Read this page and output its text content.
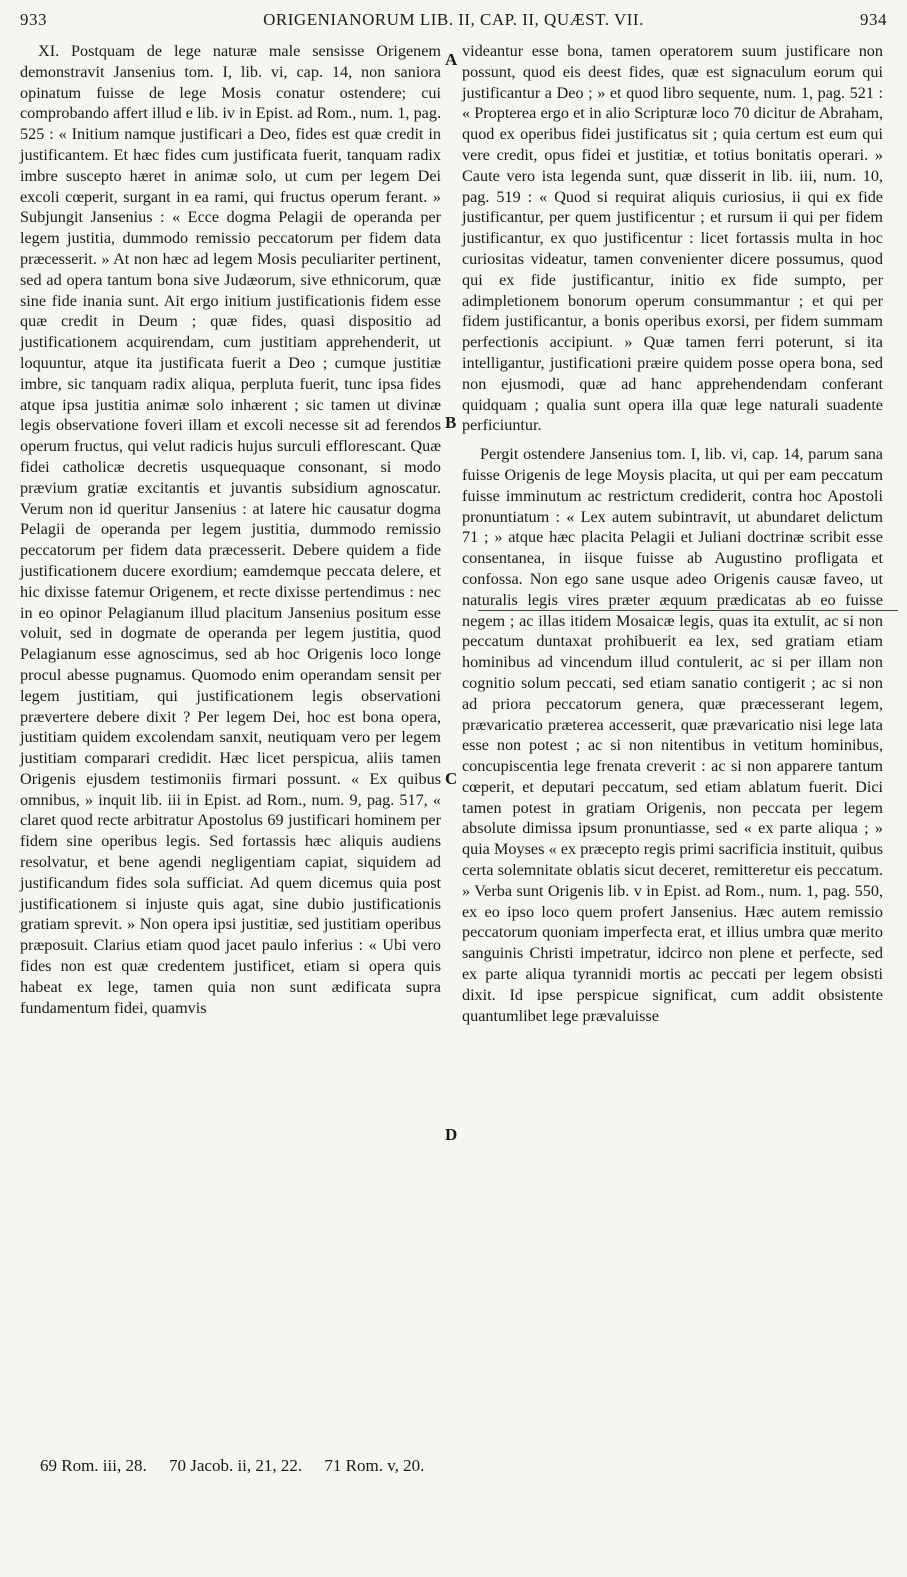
933	ORIGENIANORUM LIB. II, CAP. II, QUÆST. VII.	934

XI. Postquam de lege naturæ male sensisse Origenem demonstravit Jansenius tom. I, lib. vi, cap. 14, non saniora opinatum fuisse de lege Mosis conatur ostendere; cui comprobando affert illud e lib. iv in Epist. ad Rom., num. 1, pag. 525 : « Initium namque justificari a Deo, fides est quæ credit in justificantem. Et hæc fides cum justificata fuerit, tanquam radix imbre suscepto hæret in animæ solo, ut cum per legem Dei excoli cœperit, surgant in ea rami, qui fructus operum ferant. » Subjungit Jansenius : « Ecce dogma Pelagii de operanda per legem justitia, dummodo remissio peccatorum per fidem data præcesserit. » At non hæc ad legem Mosis peculiariter pertinent, sed ad opera tantum bona sive Judæorum, sive ethnicorum, quæ sine fide inania sunt. Ait ergo initium justificationis fidem esse quæ credit in Deum ; quæ fides, quasi dispositio ad justificationem acquirendam, cum justitiam apprehenderit, ut loquuntur, atque ita justificata fuerit a Deo ; cumque justitiæ imbre, sic tanquam radix aliqua, perpluta fuerit, tunc ipsa fides atque ipsa justitia animæ solo inhærent ; sic tamen ut divinæ legis observatione foveri illam et excoli necesse sit ad ferendos operum fructus, qui velut radicis hujus surculi efflorescant. Quæ fidei catholicæ decretis usquequaque consonant, si modo prævium gratiæ excitantis et juvantis subsidium agnoscatur. Verum non id queritur Jansenius : at latere hic causatur dogma Pelagii de operanda per legem justitia, dummodo remissio peccatorum per fidem data præcesserit. Debere quidem a fide justificationem ducere exordium; eamdemque peccata delere, et hic dixisse fatemur Origenem, et recte dixisse pertendimus : nec in eo opinor Pelagianum illud placitum Jansenius positum esse voluit, sed in dogmate de operanda per legem justitia, quod Pelagianum esse agnoscimus, sed ab hoc Origenis loco longe procul abesse pugnamus. Quomodo enim operandam sensit per legem justitiam, qui justificationem legis observationi prævertere debere dixit ? Per legem Dei, hoc est bona opera, justitiam quidem excolendam sanxit, neutiquam vero per legem justitiam comparari credidit. Hæc licet perspicua, aliis tamen Origenis ejusdem testimoniis firmari possunt. « Ex quibus omnibus, » inquit lib. iii in Epist. ad Rom., num. 9, pag. 517, « claret quod recte arbitratur Apostolus 69 justificari hominem per fidem sine operibus legis. Sed fortassis hæc aliquis audiens resolvatur, et bene agendi negligentiam capiat, siquidem ad justificandum fides sola sufficiat. Ad quem dicemus quia post justificationem si injuste quis agat, sine dubio justificationis gratiam sprevit. » Non opera ipsi justitiæ, sed justitiam operibus præposuit. Clarius etiam quod jacet paulo inferius : « Ubi vero fides non est quæ credentem justificet, etiam si opera quis habeat ex lege, tamen quia non sunt ædificata supra fundamentum fidei, quamvis

A
B
C
D

videantur esse bona, tamen operatorem suum justificare non possunt, quod eis deest fides, quæ est signaculum eorum qui justificantur a Deo ; » et quod libro sequente, num. 1, pag. 521 : « Propterea ergo et in alio Scripturæ loco 70 dicitur de Abraham, quod ex operibus fidei justificatus sit ; quia certum est eum qui vere credit, opus fidei et justitiæ, et totius bonitatis operari. » Caute vero ista legenda sunt, quæ disserit in lib. iii, num. 10, pag. 519 : « Quod si requirat aliquis curiosius, ii qui ex fide justificantur, per quem justificentur ; et rursum ii qui per fidem justificantur, ex quo justificentur : licet fortassis multa in hoc curiositas videatur, tamen convenienter dicere possumus, quod qui ex fide justificantur, initio ex fide sumpto, per adimpletionem bonorum operum consummantur ; et qui per fidem justificantur, a bonis operibus exorsi, per fidem summam perfectionis accipiunt. » Quæ tamen ferri poterunt, si ita intelligantur, justificationi præire quidem posse opera bona, sed non ejusmodi, quæ ad hanc apprehendendam conferant quidquam ; qualia sunt opera illa quæ lege naturali suadente perficiuntur.

Pergit ostendere Jansenius tom. I, lib. vi, cap. 14, parum sana fuisse Origenis de lege Moysis placita, ut qui per eam peccatum fuisse imminutum ac restrictum crediderit, contra hoc Apostoli pronuntiatum : « Lex autem subintravit, ut abundaret delictum 71 ; » atque hæc placita Pelagii et Juliani doctrinæ scribit esse consentanea, in iisque fuisse ab Augustino profligata et confossa. Non ego sane usque adeo Origenis causæ faveo, ut naturalis legis vires præter æquum prædicatas ab eo fuisse negem ; ac illas itidem Mosaicæ legis, quas ita extulit, ac si non peccatum duntaxat prohibuerit ea lex, sed gratiam etiam hominibus ad vincendum illud contulerit, ac si per illam non cognitio solum peccati, sed etiam sanatio contigerit ; ac si non ad priora peccatorum genera, quæ præcesserant legem, prævaricatio præterea accesserit, quæ prævaricatio nisi lege lata esse non potest ; ac si non nitentibus in vetitum hominibus, concupiscentia lege frenata creverit : ac si non apparere tantum cœperit, et deputari peccatum, sed etiam ablatum fuerit. Dici tamen potest in gratiam Origenis, non peccata per legem absolute dimissa ipsum pronuntiasse, sed « ex parte aliqua ; » quia Moyses « ex præcepto regis primi sacrificia instituit, quibus certa solemnitate oblatis sicut deceret, remitteretur eis peccatum. » Verba sunt Origenis lib. v in Epist. ad Rom., num. 1, pag. 550, ex eo ipso loco quem profert Jansenius. Hæc autem remissio peccatorum quoniam imperfecta erat, et illius umbra quæ merito sanguinis Christi impetratur, idcirco non plene et perfecte, sed ex parte aliqua tyrannidi mortis ac peccati per legem obsisti dixit. Id ipse perspicue significat, cum addit obsistente quantumlibet lege prævaluisse

69 Rom. iii, 28. 70 Jacob. ii, 21, 22. 71 Rom. v, 20.
